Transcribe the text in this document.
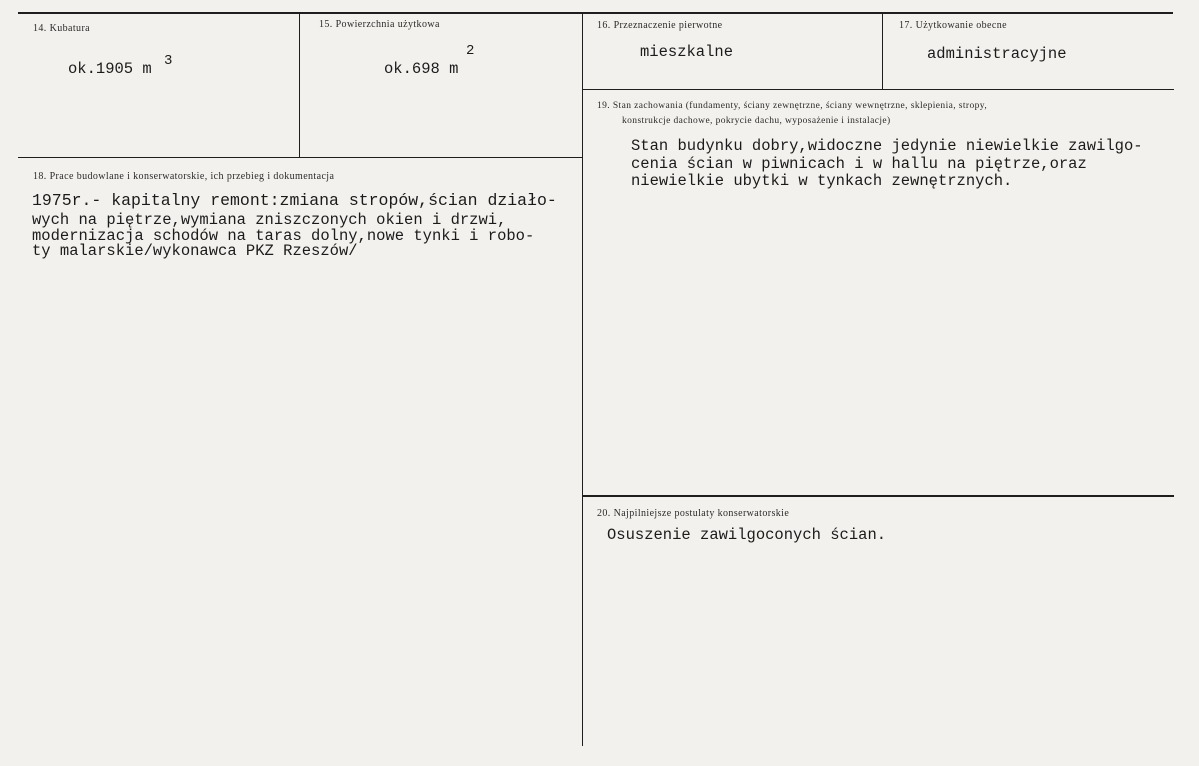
14. Kubatura
ok.1905 m 3
15. Powierzchnia użytkowa
ok.698 m
2
16. Przeznaczenie pierwotne
mieszkalne
17. Użytkowanie obecne
administracyjne
18. Prace budowlane i konserwatorskie, ich przebieg i dokumentacja
1975r.- kapitalny remont:zmiana stropów,ścian działo-
wych na piętrze,wymiana zniszczonych okien i drzwi,
modernizacja schodów na taras dolny,nowe tynki i robo-
ty malarskie/wykonawca PKZ Rzeszów/
19. Stan zachowania (fundamenty, ściany zewnętrzne, ściany wewnętrzne, sklepienia, stropy,
konstrukcje dachowe, pokrycie dachu, wyposażenie i instalacje)
Stan budynku dobry,widoczne jedynie niewielkie zawilgo-
cenia ścian w piwnicach i w hallu na piętrze,oraz
niewielkie ubytki w tynkach zewnętrznych.
20. Najpilniejsze postulaty konserwatorskie
Osuszenie zawilgoconych ścian.
